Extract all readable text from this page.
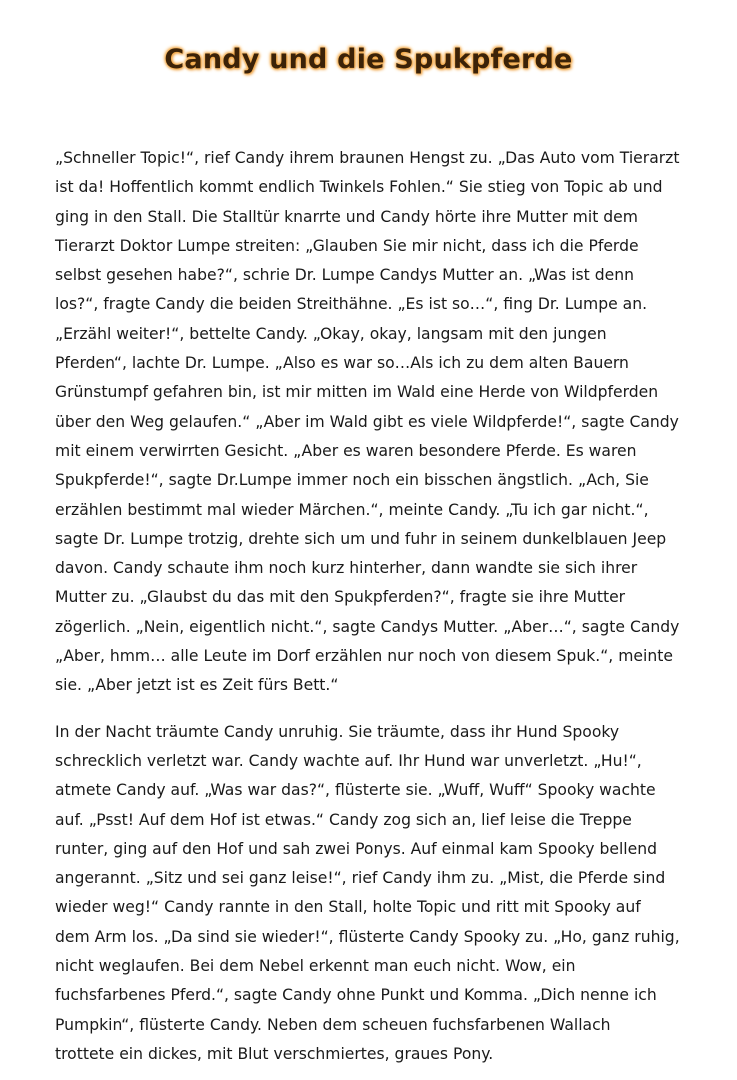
Candy und die Spukpferde

„Schneller Topic!“, rief Candy ihrem braunen Hengst zu. „Das Auto vom Tierarzt
ist da! Hoffentlich kommt endlich Twinkels Fohlen.“ Sie stieg von Topic ab und
ging in den Stall. Die Stalltür knarrte und Candy hörte ihre Mutter mit dem
Tierarzt Doktor Lumpe streiten: „Glauben Sie mir nicht, dass ich die Pferde
selbst gesehen habe?“, schrie Dr. Lumpe Candys Mutter an. „Was ist denn
los?“, fragte Candy die beiden Streithähne. „Es ist so…“, fing Dr. Lumpe an.
„Erzähl weiter!“, bettelte Candy. „Okay, okay, langsam mit den jungen
Pferden“, lachte Dr. Lumpe. „Also es war so…Als ich zu dem alten Bauern
Grünstumpf gefahren bin, ist mir mitten im Wald eine Herde von Wildpferden
über den Weg gelaufen.“ „Aber im Wald gibt es viele Wildpferde!“, sagte Candy
mit einem verwirrten Gesicht. „Aber es waren besondere Pferde. Es waren
Spukpferde!“, sagte Dr.Lumpe immer noch ein bisschen ängstlich. „Ach, Sie
erzählen bestimmt mal wieder Märchen.“, meinte Candy. „Tu ich gar nicht.“,
sagte Dr. Lumpe trotzig, drehte sich um und fuhr in seinem dunkelblauen Jeep
davon. Candy schaute ihm noch kurz hinterher, dann wandte sie sich ihrer
Mutter zu. „Glaubst du das mit den Spukpferden?“, fragte sie ihre Mutter
zögerlich. „Nein, eigentlich nicht.“, sagte Candys Mutter. „Aber…“, sagte Candy
„Aber, hmm… alle Leute im Dorf erzählen nur noch von diesem Spuk.“, meinte
sie. „Aber jetzt ist es Zeit fürs Bett.“

In der Nacht träumte Candy unruhig. Sie träumte, dass ihr Hund Spooky
schrecklich verletzt war. Candy wachte auf. Ihr Hund war unverletzt. „Hu!“,
atmete Candy auf. „Was war das?“, flüsterte sie. „Wuff, Wuff“ Spooky wachte
auf. „Psst! Auf dem Hof ist etwas.“ Candy zog sich an, lief leise die Treppe
runter, ging auf den Hof und sah zwei Ponys. Auf einmal kam Spooky bellend
angerannt. „Sitz und sei ganz leise!“, rief Candy ihm zu. „Mist, die Pferde sind
wieder weg!“ Candy rannte in den Stall, holte Topic und ritt mit Spooky auf
dem Arm los. „Da sind sie wieder!“, flüsterte Candy Spooky zu. „Ho, ganz ruhig,
nicht weglaufen. Bei dem Nebel erkennt man euch nicht. Wow, ein
fuchsfarbenes Pferd.“, sagte Candy ohne Punkt und Komma. „Dich nenne ich
Pumpkin“, flüsterte Candy. Neben dem scheuen fuchsfarbenen Wallach
trottete ein dickes, mit Blut verschmiertes, graues Pony.
